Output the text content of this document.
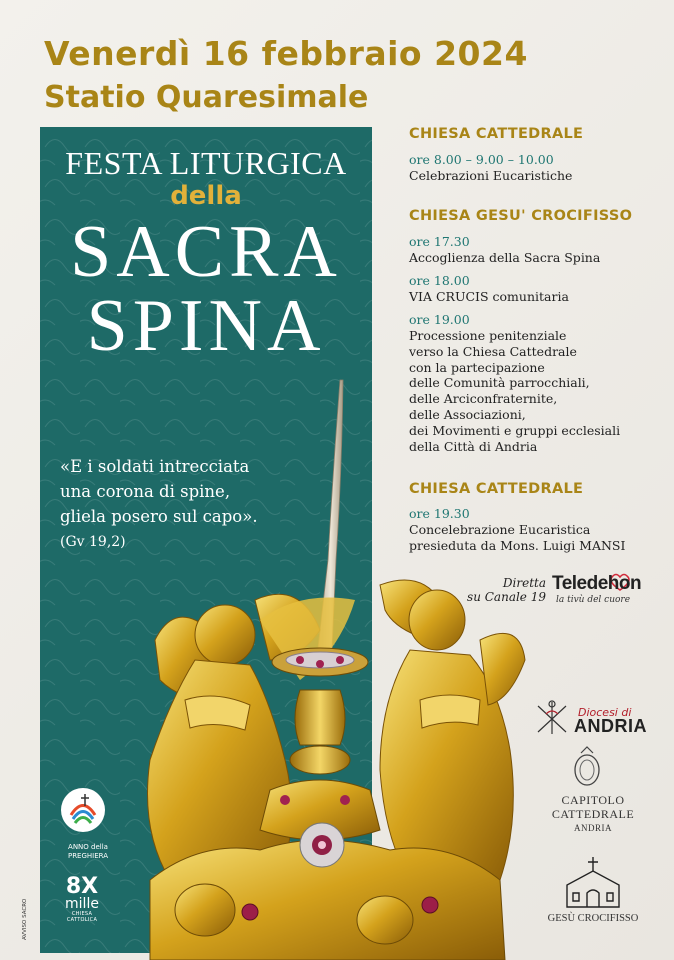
Venerdì 16 febbraio 2024
Statio Quaresimale
FESTA LITURGICA
della
SACRA
SPINA
«E i soldati intrecciata
una corona di spine,
gliela posero sul capo».
(Gv 19,2)
CHIESA CATTEDRALE
ore 8.00 – 9.00 – 10.00
Celebrazioni Eucaristiche
CHIESA GESU' CROCIFISSO
ore 17.30
Accoglienza della Sacra Spina
ore 18.00
VIA CRUCIS comunitaria
ore 19.00
Processione penitenziale
verso la Chiesa Cattedrale
con la partecipazione
delle Comunità parrocchiali,
delle Arciconfraternite,
delle Associazioni,
dei Movimenti e gruppi ecclesiali
della Città di Andria
CHIESA CATTEDRALE
ore 19.30
Concelebrazione Eucaristica
presieduta da Mons. Luigi MANSI
Diretta
su Canale 19
Teledehon
la tivù del cuore
Diocesi di
ANDRIA
CAPITOLO
CATTEDRALE
ANDRIA
GESÙ CROCIFISSO
ANNO della
PREGHIERA
8X
mille
CHIESA CATTOLICA
AVVISO SACRO
